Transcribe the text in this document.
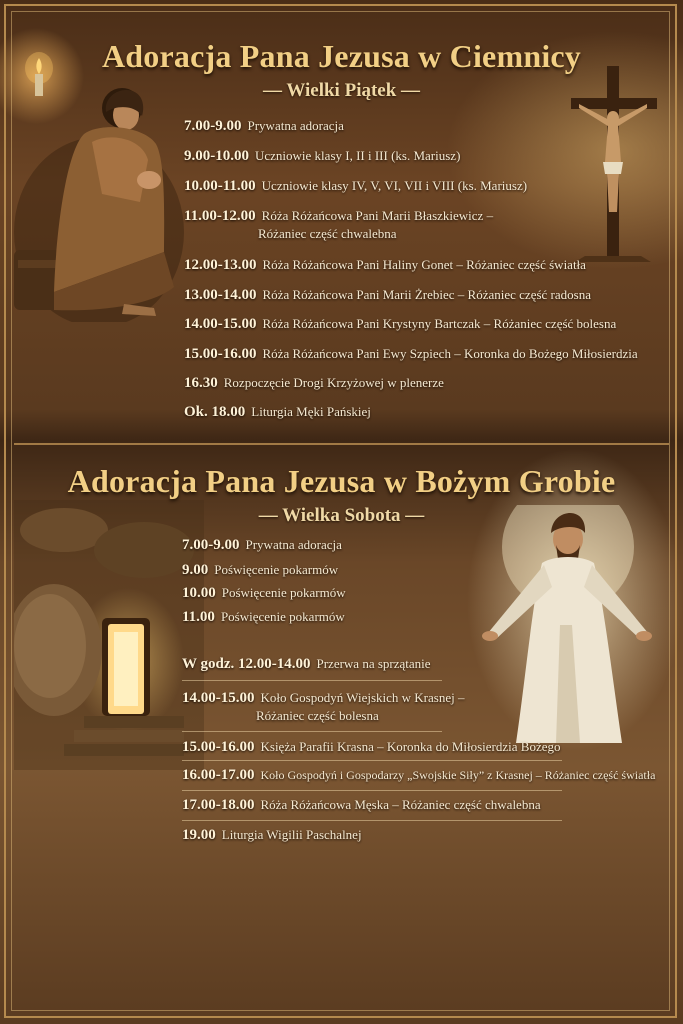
Adoracja Pana Jezusa w Ciemnicy
— Wielki Piątek —
Adoracja Pana Jezusa w Bożym Grobie
— Wielka Sobota —
7.00-9.00 Prywatna adoracja
9.00-10.00 Uczniowie klasy I, II i III (ks. Mariusz)
10.00-11.00 Uczniowie klasy IV, V, VI, VII i VIII (ks. Mariusz)
11.00-12.00 Róża Różańcowa Pani Marii Błaszkiewicz –
Różaniec część chwalebna
12.00-13.00 Róża Różańcowa Pani Haliny Gonet – Różaniec część światła
13.00-14.00 Róża Różańcowa Pani Marii Żrebiec – Różaniec część radosna
14.00-15.00 Róża Różańcowa Pani Krystyny Bartczak – Różaniec część bolesna
15.00-16.00 Róża Różańcowa Pani Ewy Szpiech – Koronka do Bożego Miłosierdzia
16.30 Rozpoczęcie Drogi Krzyżowej w plenerze
Ok. 18.00 Liturgia Męki Pańskiej
7.00-9.00 Prywatna adoracja
9.00 Poświęcenie pokarmów
10.00 Poświęcenie pokarmów
11.00 Poświęcenie pokarmów
W godz. 12.00-14.00 Przerwa na sprzątanie
14.00-15.00 Koło Gospodyń Wiejskich w Krasnej –
Różaniec część bolesna
15.00-16.00 Księża Parafii Krasna – Koronka do Miłosierdzia Bożego
16.00-17.00 Koło Gospodyń i Gospodarzy „Swojskie Siły” z Krasnej – Różaniec część światła
17.00-18.00 Róża Różańcowa Męska – Różaniec część chwalebna
19.00 Liturgia Wigilii Paschalnej
